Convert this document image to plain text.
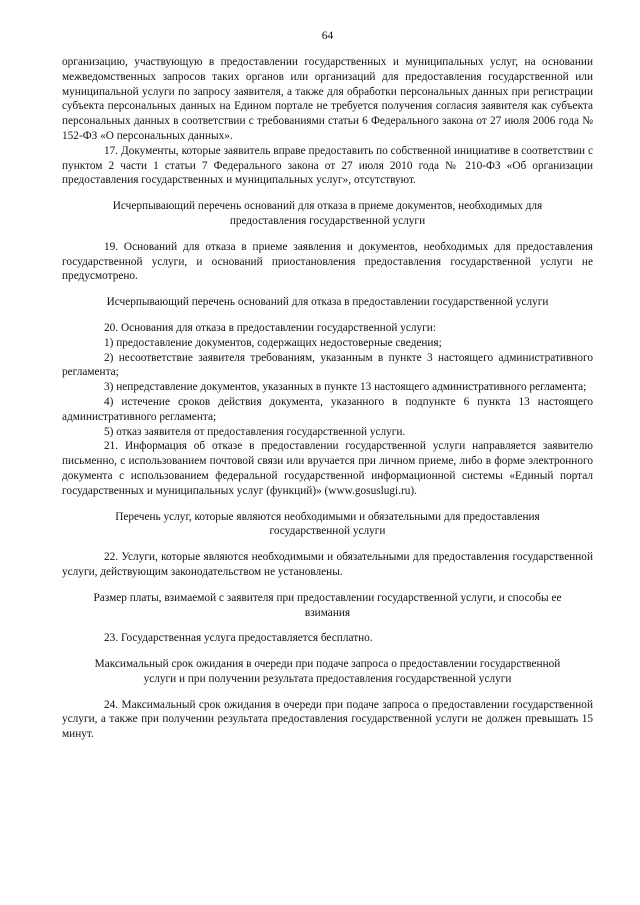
64

организацию, участвующую в предоставлении государственных и муниципальных услуг, на основании межведомственных запросов таких органов или организаций для предоставления государственной или муниципальной услуги по запросу заявителя, а также для обработки персональных данных при регистрации субъекта персональных данных на Едином портале не требуется получения согласия заявителя как субъекта персональных данных в соответствии с требованиями статьи 6 Федерального закона от 27 июля 2006 года № 152-ФЗ «О персональных данных».

17. Документы, которые заявитель вправе предоставить по собственной инициативе в соответствии с пунктом 2 части 1 статьи 7 Федерального закона от 27 июля 2010 года № 210-ФЗ «Об организации предоставления государственных и муниципальных услуг», отсутствуют.

Исчерпывающий перечень оснований для отказа в приеме документов, необходимых для предоставления государственной услуги

19. Оснований для отказа в приеме заявления и документов, необходимых для предоставления государственной услуги, и оснований приостановления предоставления государственной услуги не предусмотрено.

Исчерпывающий перечень оснований для отказа в предоставлении государственной услуги

20. Основания для отказа в предоставлении государственной услуги:

1) предоставление документов, содержащих недостоверные сведения;

2) несоответствие заявителя требованиям, указанным в пункте 3 настоящего административного регламента;

3) непредставление документов, указанных в пункте 13 настоящего административного регламента;

4) истечение сроков действия документа, указанного в подпункте 6 пункта 13 настоящего административного регламента;

5) отказ заявителя от предоставления государственной услуги.

21. Информация об отказе в предоставлении государственной услуги направляется заявителю письменно, с использованием почтовой связи или вручается при личном приеме, либо в форме электронного документа с использованием федеральной государственной информационной системы «Единый портал государственных и муниципальных услуг (функций)» (www.gosuslugi.ru).

Перечень услуг, которые являются необходимыми и обязательными для предоставления государственной услуги

22. Услуги, которые являются необходимыми и обязательными для предоставления государственной услуги, действующим законодательством не установлены.

Размер платы, взимаемой с заявителя при предоставлении государственной услуги, и способы ее взимания

23. Государственная услуга предоставляется бесплатно.

Максимальный срок ожидания в очереди при подаче запроса о предоставлении государственной услуги и при получении результата предоставления государственной услуги

24. Максимальный срок ожидания в очереди при подаче запроса о предоставлении государственной услуги, а также при получении результата предоставления государственной услуги не должен превышать 15 минут.
